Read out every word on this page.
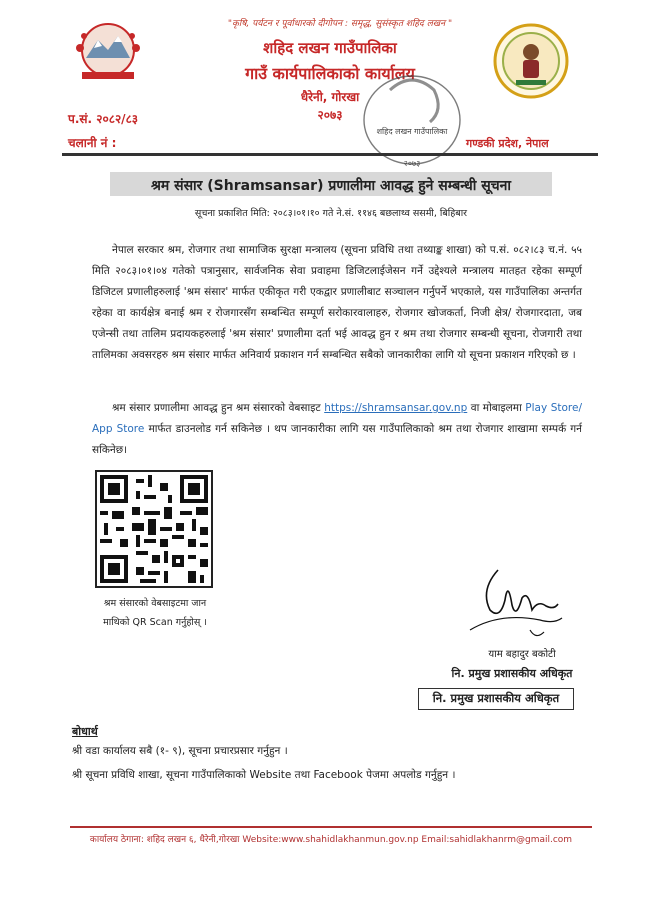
"कृषि, पर्यटन र पूर्वाधारको दीगोपन : समृद्ध, सुसंस्कृत शहिद लखन "
शहिद लखन गाउँपालिका
गाउँ कार्यपालिकाको कार्यालय
धैरेनी, गोरखा
२०७३
शहिद लखन गाउँपालिका
२०७३
प.सं. २०८२/८३
चलानी नं :	गण्डकी प्रदेश, नेपाल
श्रम संसार (Shramsansar) प्रणालीमा आवद्ध हुने सम्बन्धी सूचना
सूचना प्रकाशित मिति: २०८३।०१।१० गते ने.सं. ११४६ बछलाथ्व ससमी, बिहिबार

नेपाल सरकार श्रम, रोजगार तथा सामाजिक सुरक्षा मन्त्रालय (सूचना प्रविधि तथा तथ्याङ्क शाखा) को प.सं. ०८२।८३ च.नं. ५५ मिति २०८३।०१।०४ गतेको पत्रानुसार, सार्वजनिक सेवा प्रवाहमा डिजिटलाईजेसन गर्ने उद्देश्यले मन्त्रालय मातहत रहेका सम्पूर्ण डिजिटल प्रणालीहरुलाई 'श्रम संसार' मार्फत एकीकृत गरी एकद्वार प्रणालीबाट सञ्चालन गर्नुपर्ने भएकाले, यस गाउँपालिका अन्तर्गत रहेका वा कार्यक्षेत्र बनाई श्रम र रोजगारसँग सम्बन्धित सम्पूर्ण सरोकारवालाहरु, रोजगार खोजकर्ता, निजी क्षेत्र/ रोजगारदाता, जब एजेन्सी तथा तालिम प्रदायकहरुलाई 'श्रम संसार' प्रणालीमा दर्ता भई आवद्ध हुन र श्रम तथा रोजगार सम्बन्धी सूचना, रोजगारी तथा तालिमका अवसरहरु श्रम संसार मार्फत अनिवार्य प्रकाशन गर्न सम्बन्धित सबैको जानकारीका लागि यो सूचना प्रकाशन गरिएको छ ।

श्रम संसार प्रणालीमा आवद्ध हुन श्रम संसारको वेबसाइट https://shramsansar.gov.np वा मोबाइलमा Play Store/ App Store मार्फत डाउनलोड गर्न सकिनेछ । थप जानकारीका लागि यस गाउँपालिकाको श्रम तथा रोजगार शाखामा सम्पर्क गर्न सकिनेछ।

श्रम संसारको वेबसाइटमा जान
माथिको QR Scan गर्नुहोस् ।
याम बहादुर बकोटी
नि. प्रमुख प्रशासकीय अधिकृत
नि. प्रमुख प्रशासकीय अधिकृत
बोधार्थ
श्री वडा कार्यालय सबै (१- ९), सूचना प्रचारप्रसार गर्नुहुन ।
श्री सूचना प्रविधि शाखा, सूचना गाउँपालिकाको Website तथा Facebook पेजमा अपलोड गर्नुहुन ।
कार्यालय ठेगाना: शहिद लखन ६, धैरेनी,गोरखा Website:www.shahidlakhanmun.gov.np Email:sahidlakhanrm@gmail.com
